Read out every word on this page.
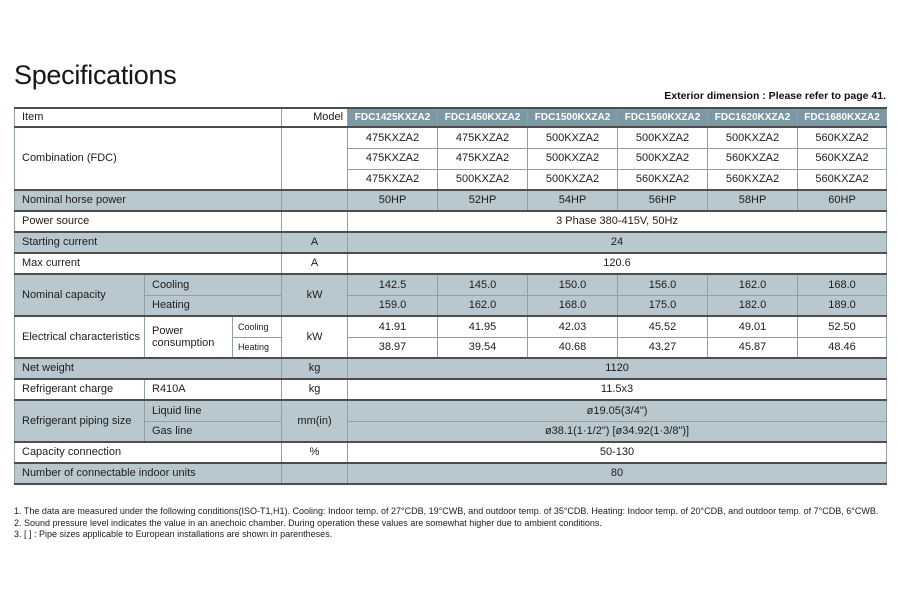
Specifications
Exterior dimension : Please refer to page 41.
Item			Model	FDC1425KXZA2	FDC1450KXZA2	FDC1500KXZA2	FDC1560KXZA2	FDC1620KXZA2	FDC1680KXZA2
Combination (FDC)				475KXZA2	475KXZA2	500KXZA2	500KXZA2	500KXZA2	560KXZA2
				475KXZA2	475KXZA2	500KXZA2	500KXZA2	560KXZA2	560KXZA2
				475KXZA2	500KXZA2	500KXZA2	560KXZA2	560KXZA2	560KXZA2
Nominal horse power				50HP	52HP	54HP	56HP	58HP	60HP
Power source				3 Phase 380-415V, 50Hz					
Starting current			A	24					
Max current			A	120.6					
Nominal capacity	Cooling		kW	142.5	145.0	150.0	156.0	162.0	168.0
	Heating			159.0	162.0	168.0	175.0	182.0	189.0
Electrical characteristics	Power consumption	Cooling	kW	41.91	41.95	42.03	45.52	49.01	52.50
		Heating		38.97	39.54	40.68	43.27	45.87	48.46
Net weight			kg	1120					
Refrigerant charge	R410A		kg	11.5x3					
Refrigerant piping size	Liquid line		mm(in)	ø19.05(3/4")					
	Gas line			ø38.1(1·1/2") [ø34.92(1·3/8")]					
Capacity connection			%	50-130					
Number of connectable indoor units				80					
1. The data are measured under the following conditions(ISO-T1,H1). Cooling: Indoor temp. of 27°CDB, 19°CWB, and outdoor temp. of 35°CDB. Heating: Indoor temp. of 20°CDB, and outdoor temp. of 7°CDB, 6°CWB.
2. Sound pressure level indicates the value in an anechoic chamber. During operation these values are somewhat higher due to ambient conditions.
3. [ ] : Pipe sizes applicable to European installations are shown in parentheses.
